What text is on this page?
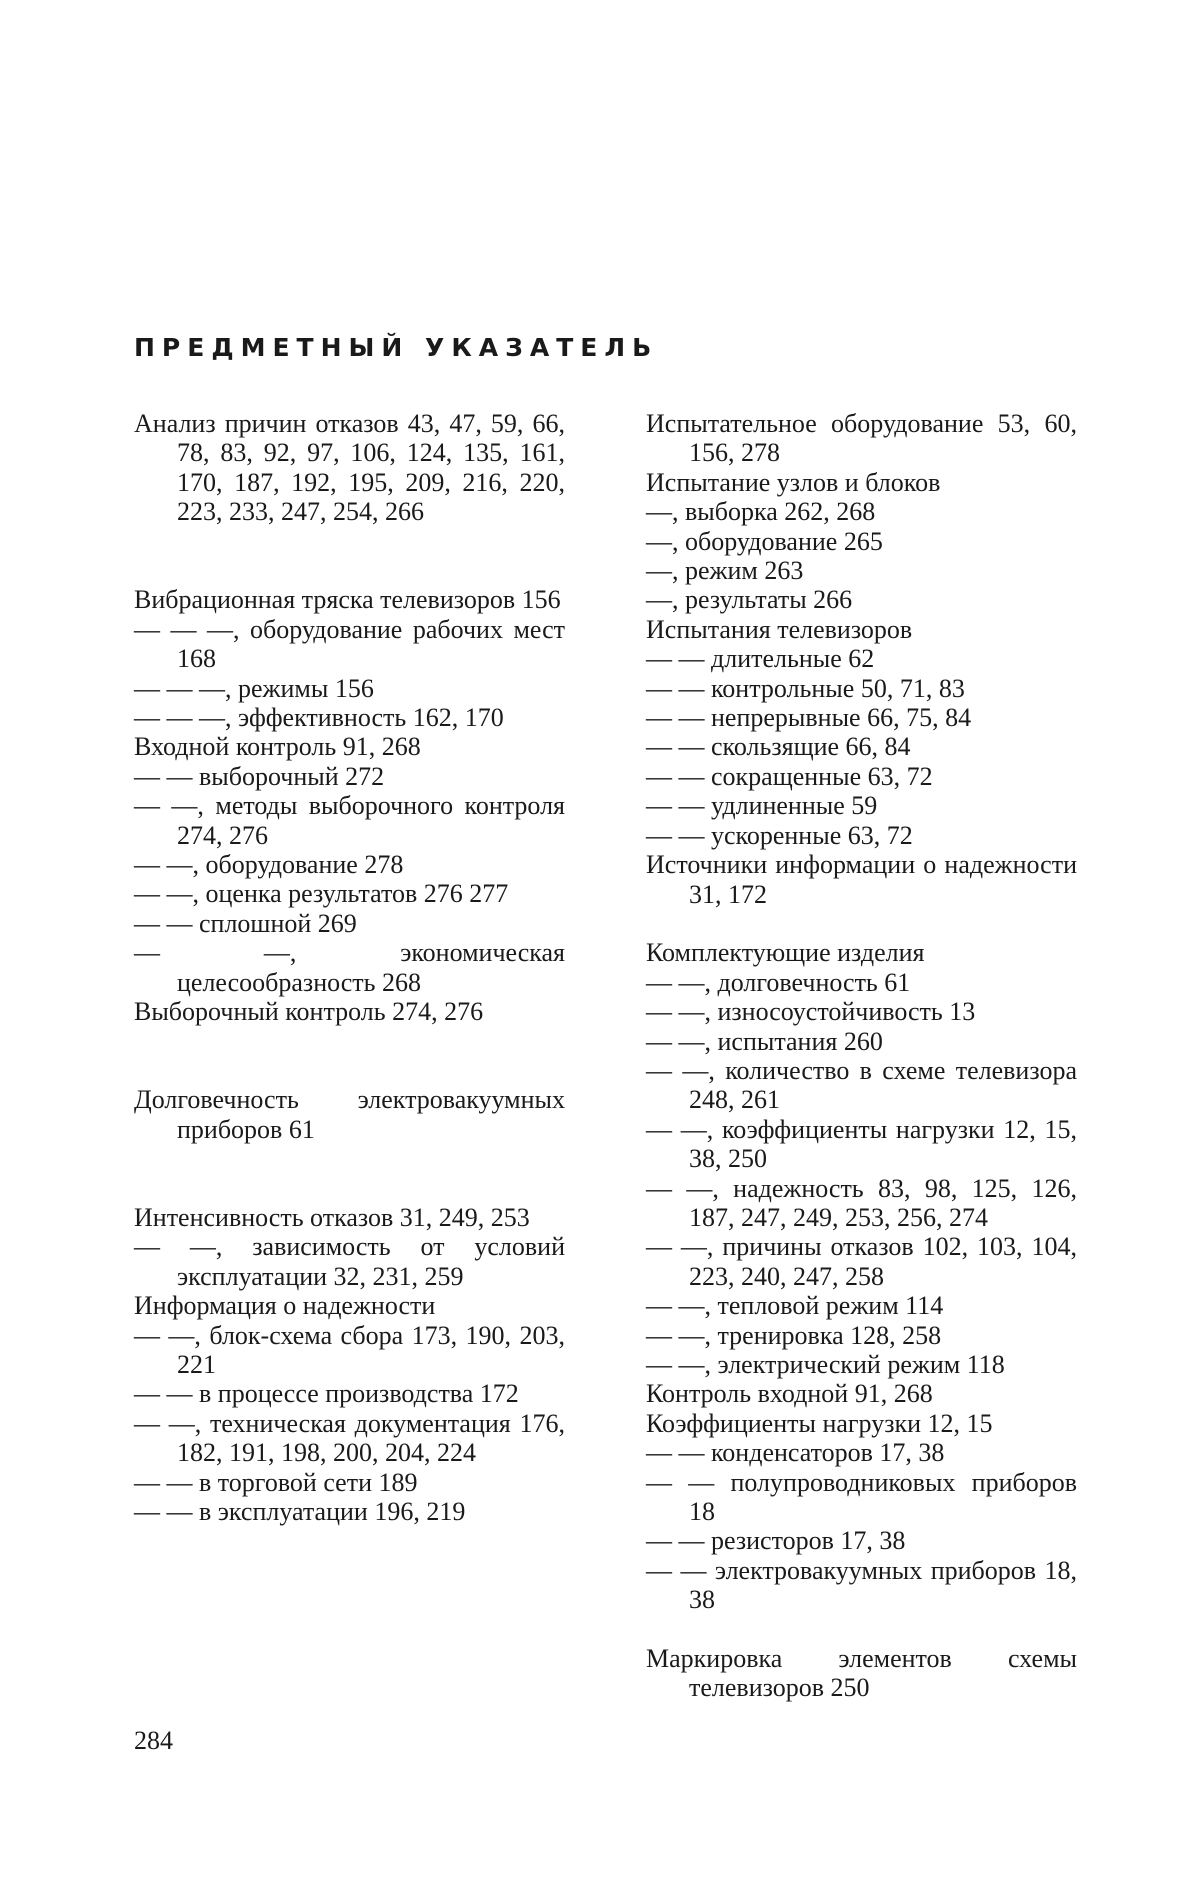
ПРЕДМЕТНЫЙ УКАЗАТЕЛЬ
Анализ причин отказов 43, 47, 59, 66, 78, 83, 92, 97, 106, 124, 135, 161, 170, 187, 192, 195, 209, 216, 220, 223, 233, 247, 254, 266
Вибрационная тряска телевизоров 156
— — —, оборудование рабочих мест 168
— — —, режимы 156
— — —, эффективность 162, 170
Входной контроль 91, 268
— — выборочный 272
— —, методы выборочного контроля 274, 276
— —, оборудование 278
— —, оценка результатов 276 277
— — сплошной 269
— —, экономическая целесообразность 268
Выборочный контроль 274, 276
Долговечность электровакуумных приборов 61
Интенсивность отказов 31, 249, 253
— —, зависимость от условий эксплуатации 32, 231, 259
Информация о надежности
— —, блок-схема сбора 173, 190, 203, 221
— — в процессе производства 172
— —, техническая документация 176, 182, 191, 198, 200, 204, 224
— — в торговой сети 189
— — в эксплуатации 196, 219
Испытательное оборудование 53, 60, 156, 278
Испытание узлов и блоков
—, выборка 262, 268
—, оборудование 265
—, режим 263
—, результаты 266
Испытания телевизоров
— — длительные 62
— — контрольные 50, 71, 83
— — непрерывные 66, 75, 84
— — скользящие 66, 84
— — сокращенные 63, 72
— — удлиненные 59
— — ускоренные 63, 72
Источники информации о надежности 31, 172
Комплектующие изделия
— —, долговечность 61
— —, износоустойчивость 13
— —, испытания 260
— —, количество в схеме телевизора 248, 261
— —, коэффициенты нагрузки 12, 15, 38, 250
— —, надежность 83, 98, 125, 126, 187, 247, 249, 253, 256, 274
— —, причины отказов 102, 103, 104, 223, 240, 247, 258
— —, тепловой режим 114
— —, тренировка 128, 258
— —, электрический режим 118
Контроль входной 91, 268
Коэффициенты нагрузки 12, 15
— — конденсаторов 17, 38
— — полупроводниковых приборов 18
— — резисторов 17, 38
— — электровакуумных приборов 18, 38
Маркировка элементов схемы телевизоров 250
284
